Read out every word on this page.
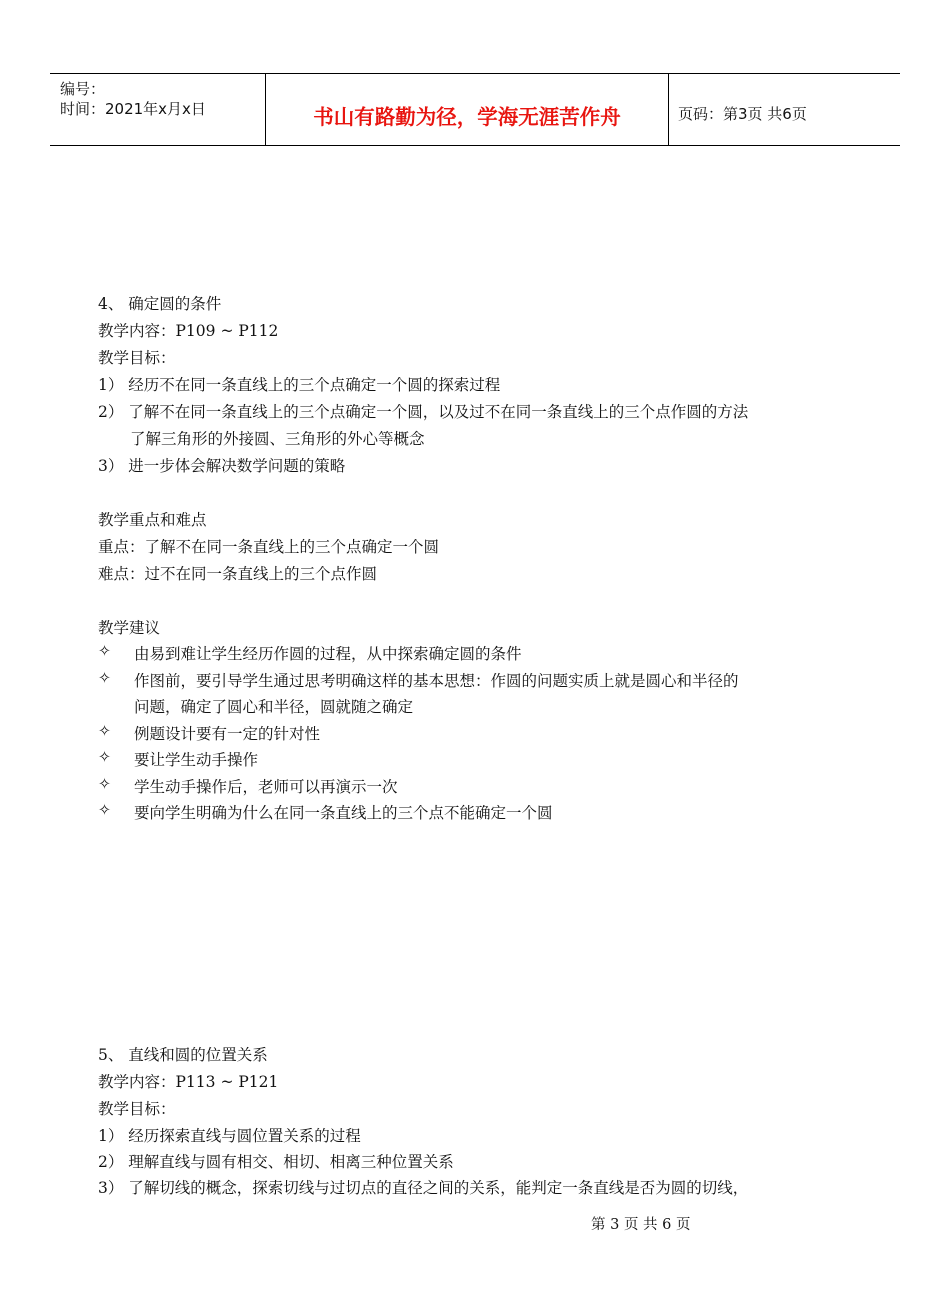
编号：
时间：2021年x月x日	书山有路勤为径，学海无涯苦作舟	页码：第3页 共6页
4、 确定圆的条件
教学内容：P109 ~ P112
教学目标：
1） 经历不在同一条直线上的三个点确定一个圆的探索过程
2） 了解不在同一条直线上的三个点确定一个圆，以及过不在同一条直线上的三个点作圆的方法
了解三角形的外接圆、三角形的外心等概念
3） 进一步体会解决数学问题的策略
教学重点和难点
重点：了解不在同一条直线上的三个点确定一个圆
难点：过不在同一条直线上的三个点作圆
教学建议
✧ 由易到难让学生经历作圆的过程，从中探索确定圆的条件
✧ 作图前，要引导学生通过思考明确这样的基本思想：作圆的问题实质上就是圆心和半径的
问题，确定了圆心和半径，圆就随之确定
✧ 例题设计要有一定的针对性
✧ 要让学生动手操作
✧ 学生动手操作后，老师可以再演示一次
✧ 要向学生明确为什么在同一条直线上的三个点不能确定一个圆
5、 直线和圆的位置关系
教学内容：P113 ~ P121
教学目标：
1） 经历探索直线与圆位置关系的过程
2） 理解直线与圆有相交、相切、相离三种位置关系
3） 了解切线的概念，探索切线与过切点的直径之间的关系，能判定一条直线是否为圆的切线，
第 3 页 共 6 页
